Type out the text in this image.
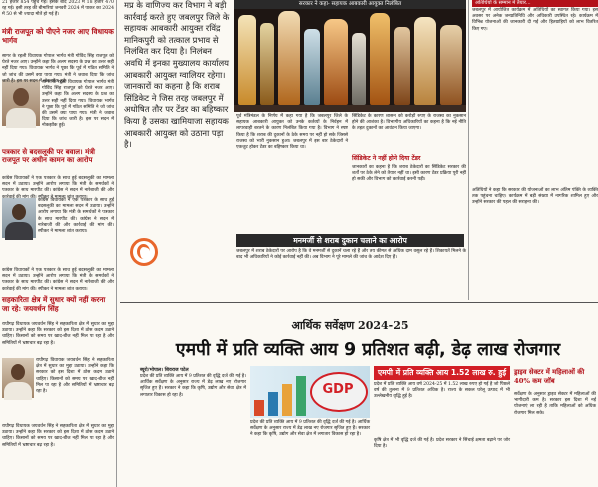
21 हजार 854 पहुंच गई। इसके बाद 2023 में 18 हजार 470 रह गई। इसी तरह की बीमारियां जनवरी 2024 में पाकर का 2024 में 50 से भी ज्यादा मौतें हो गई हैं।
मंत्री राजपूत को पीएने नजर आए विधायक भार्गव
सागर के रहली विधायक गोपाल भार्गव मंत्री गोविंद सिंह राजपूत को घेरते नजर आए। उन्होंने कहा कि अलग सदस्य के प्रश्न का उत्तर सही नहीं दिया गया। विधायक भार्गव ने पूछा कि पूर्व में गठित समिति ने जो जांच की उसमें क्या पाया गया। मंत्री ने जवाब दिया कि जांच जारी है। इस पर सदन में नोकझोंक हुई।
सागर के रहली विधायक गोपाल भार्गव मंत्री गोविंद सिंह राजपूत को घेरते नजर आए। उन्होंने कहा कि अलग सदस्य के प्रश्न का उत्तर सही नहीं दिया गया। विधायक भार्गव ने पूछा कि पूर्व में गठित समिति ने जो जांच की उसमें क्या पाया गया। मंत्री ने जवाब दिया कि जांच जारी है। इस पर सदन में नोकझोंक हुई।
पत्रकार से बदसलूकी पर बवाल। मंत्री राजपूत पर अधीन कामन का आरोप
कांग्रेस विधायकों ने एक पत्रकार के साथ हुई बदसलूकी का मामला सदन में उठाया। उन्होंने आरोप लगाया कि मंत्री के समर्थकों ने पत्रकार के साथ मारपीट की। कांग्रेस ने सदन में नारेबाजी की और कार्रवाई की मांग की। स्पीकर ने मामला शांत कराया।
कांग्रेस विधायकों ने एक पत्रकार के साथ हुई बदसलूकी का मामला सदन में उठाया। उन्होंने आरोप लगाया कि मंत्री के समर्थकों ने पत्रकार के साथ मारपीट की। कांग्रेस ने सदन में नारेबाजी की और कार्रवाई की मांग की। स्पीकर ने मामला शांत कराया।
कांग्रेस विधायकों ने एक पत्रकार के साथ हुई बदसलूकी का मामला सदन में उठाया। उन्होंने आरोप लगाया कि मंत्री के समर्थकों ने पत्रकार के साथ मारपीट की। कांग्रेस ने सदन में नारेबाजी की और कार्रवाई की मांग की। स्पीकर ने मामला शांत कराया।
सहकारिता क्षेत्र में सुधार क्यों नहीं करना जा रहे: जयवर्धन सिंह
राघौगढ़ विधायक जयवर्धन सिंह ने सहकारिता क्षेत्र में सुधार का मुद्दा उठाया। उन्होंने कहा कि सरकार को इस दिशा में ठोस कदम उठाने चाहिए। किसानों को समय पर खाद-बीज नहीं मिल पा रहा है और समितियों में भ्रष्टाचार बढ़ रहा है।
राघौगढ़ विधायक जयवर्धन सिंह ने सहकारिता क्षेत्र में सुधार का मुद्दा उठाया। उन्होंने कहा कि सरकार को इस दिशा में ठोस कदम उठाने चाहिए। किसानों को समय पर खाद-बीज नहीं मिल पा रहा है और समितियों में भ्रष्टाचार बढ़ रहा है।
राघौगढ़ विधायक जयवर्धन सिंह ने सहकारिता क्षेत्र में सुधार का मुद्दा उठाया। उन्होंने कहा कि सरकार को इस दिशा में ठोस कदम उठाने चाहिए। किसानों को समय पर खाद-बीज नहीं मिल पा रहा है और समितियों में भ्रष्टाचार बढ़ रहा है।
मप्र के वाणिज्य कर विभाग ने बड़ी कार्रवाई करते हुए जबलपुर जिले के सहायक आबकारी आयुक्त रविंद्र मानिकपुरी को तत्काल प्रभाव से निलंबित कर दिया है। निलंबन अवधि में इनका मुख्यालय कार्यालय आबकारी आयुक्त ग्वालियर रहेगा। जानकारों का कहना है कि शराब सिंडिकेट ने जिस तरह जबलपुर में अधोषित तौर पर टेंडर का बहिष्कार किया है उसका खामियाजा सहायक आबकारी आयुक्त को उठाना पड़ा है।
सरकार ने कहा- सहायक आबकारी आयुक्त निलंबित
पूर्व मंत्रिमंडल के निर्णय में कहा गया है कि जबलपुर जिले के सहायक आबकारी आयुक्त को उनके कर्तव्यों के निर्वहन में लापरवाही बरतने के कारण निलंबित किया गया है। विभाग ने स्पष्ट किया है कि शराब की दुकानों के ठेके समय पर नहीं हो सके जिससे राजस्व को भारी नुकसान हुआ। जबलपुर में इस बार ठेकेदारों ने एकजुट होकर टेंडर का बहिष्कार किया था।
सिंडिकेट के कारण शासन को करोड़ों रुपए के राजस्व का नुकसान होने की आशंका है। विभागीय अधिकारियों का कहना है कि नई नीति के तहत दुकानों का आवंटन किया जाएगा।
सिंडिकेट ने नहीं होने दिया टेंडर
जानकारों का कहना है कि शराब ठेकेदारों का सिंडिकेट सरकार की शर्तों पर ठेके लेने को तैयार नहीं था। इसी कारण टेंडर प्रक्रिया पूरी नहीं हो सकी और विभाग को कार्रवाई करनी पड़ी।
मनमर्जी से शराब दुकान चलाने का आरोप
जबलपुर में शराब ठेकेदारों पर आरोप है कि वे मनमर्जी से दुकानें चला रहे हैं और तय कीमत से अधिक दाम वसूल रहे हैं। शिकायतें मिलने के बाद भी अधिकारियों ने कोई कार्रवाई नहीं की। अब विभाग ने पूरे मामले की जांच के आदेश दिए हैं।
अतिथियों के सम्मान में तैयार...
जबलपुर में आयोजित कार्यक्रम में अतिथियों का स्वागत किया गया। इस अवसर पर अनेक जनप्रतिनिधि और अधिकारी उपस्थित रहे। कार्यक्रम में विभिन्न योजनाओं की जानकारी दी गई और हितग्राहियों को लाभ वितरित किए गए।
अतिथियों ने कहा कि सरकार की योजनाओं का लाभ अंतिम पंक्ति के व्यक्ति तक पहुंचना चाहिए। कार्यक्रम में बड़ी संख्या में नागरिक शामिल हुए और उन्होंने सरकार की पहल की सराहना की।
आर्थिक सर्वेक्षण 2024-25
एमपी में प्रति व्यक्ति आय 9 प्रतिशत बढ़ी, डेढ़ लाख रोजगार
ब्यूरो/भोपाल। शिवराज पटेल
प्रदेश की प्रति व्यक्ति आय में 9 प्रतिशत की वृद्धि दर्ज की गई है। आर्थिक सर्वेक्षण के अनुसार राज्य में डेढ़ लाख नए रोजगार सृजित हुए हैं। सरकार ने कहा कि कृषि, उद्योग और सेवा क्षेत्र में लगातार विकास हो रहा है।	GDP
प्रदेश की प्रति व्यक्ति आय में 9 प्रतिशत की वृद्धि दर्ज की गई है। आर्थिक सर्वेक्षण के अनुसार राज्य में डेढ़ लाख नए रोजगार सृजित हुए हैं। सरकार ने कहा कि कृषि, उद्योग और सेवा क्षेत्र में लगातार विकास हो रहा है।
एमपी में प्रति व्यक्ति आय 1.52 लाख रु. हुई
प्रदेश में प्रति व्यक्ति आय वर्ष 2024-25 में 1.52 लाख रुपए हो गई है जो पिछले वर्ष की तुलना में 9 प्रतिशत अधिक है। राज्य के सकल घरेलू उत्पाद में भी उल्लेखनीय वृद्धि हुई है।
कृषि क्षेत्र में भी वृद्धि दर्ज की गई है। प्रदेश सरकार ने सिंचाई क्षमता बढ़ाने पर जोर दिया है।
ड्राइव सेक्टर में महिलाओं की 40% कम जॉब
सर्वेक्षण के अनुसार ड्राइव सेक्टर में महिलाओं की भागीदारी कम है। सरकार इस दिशा में नई योजनाएं ला रही है ताकि महिलाओं को अधिक रोजगार मिल सके।
